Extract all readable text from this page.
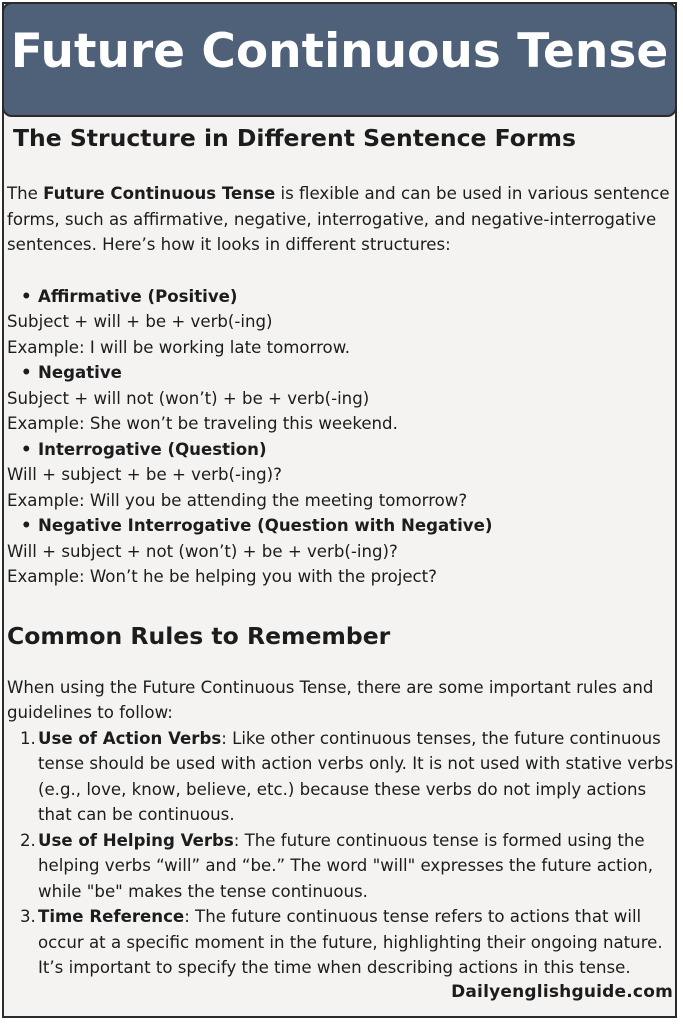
Future Continuous Tense
The Structure in Different Sentence Forms

The Future Continuous Tense is flexible and can be used in various sentence forms, such as affirmative, negative, interrogative, and negative-interrogative sentences. Here’s how it looks in different structures:

• Affirmative (Positive)
Subject + will + be + verb(-ing)
Example: I will be working late tomorrow.
• Negative
Subject + will not (won’t) + be + verb(-ing)
Example: She won’t be traveling this weekend.
• Interrogative (Question)
Will + subject + be + verb(-ing)?
Example: Will you be attending the meeting tomorrow?
• Negative Interrogative (Question with Negative)
Will + subject + not (won’t) + be + verb(-ing)?
Example: Won’t he be helping you with the project?
Common Rules to Remember

When using the Future Continuous Tense, there are some important rules and guidelines to follow:

1. Use of Action Verbs: Like other continuous tenses, the future continuous tense should be used with action verbs only. It is not used with stative verbs (e.g., love, know, believe, etc.) because these verbs do not imply actions that can be continuous.
2. Use of Helping Verbs: The future continuous tense is formed using the helping verbs “will” and “be.” The word "will" expresses the future action, while "be" makes the tense continuous.
3. Time Reference: The future continuous tense refers to actions that will occur at a specific moment in the future, highlighting their ongoing nature. It’s important to specify the time when describing actions in this tense.
Dailyenglishguide.com
